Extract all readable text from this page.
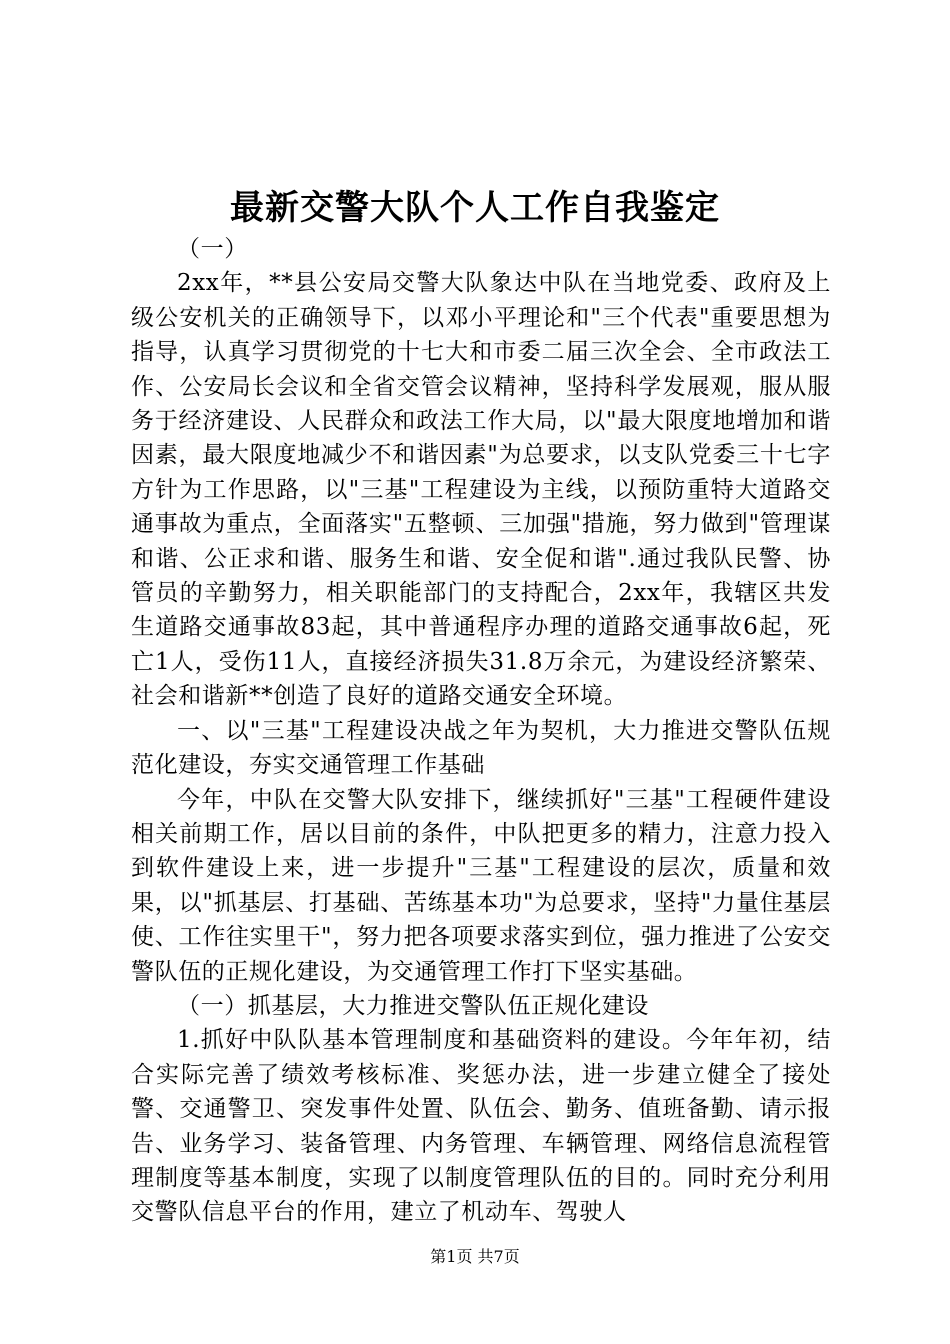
最新交警大队个人工作自我鉴定

（一）

2xx年，**县公安局交警大队象达中队在当地党委、政府及上级公安机关的正确领导下，以邓小平理论和"三个代表"重要思想为指导，认真学习贯彻党的十七大和市委二届三次全会、全市政法工作、公安局长会议和全省交管会议精神，坚持科学发展观，服从服务于经济建设、人民群众和政法工作大局，以"最大限度地增加和谐因素，最大限度地减少不和谐因素"为总要求，以支队党委三十七字方针为工作思路，以"三基"工程建设为主线，以预防重特大道路交通事故为重点，全面落实"五整顿、三加强"措施，努力做到"管理谋和谐、公正求和谐、服务生和谐、安全促和谐".通过我队民警、协管员的辛勤努力，相关职能部门的支持配合，2xx年，我辖区共发生道路交通事故83起，其中普通程序办理的道路交通事故6起，死亡1人，受伤11人，直接经济损失31.8万余元，为建设经济繁荣、社会和谐新**创造了良好的道路交通安全环境。

一、以"三基"工程建设决战之年为契机，大力推进交警队伍规范化建设，夯实交通管理工作基础

今年，中队在交警大队安排下，继续抓好"三基"工程硬件建设相关前期工作，居以目前的条件，中队把更多的精力，注意力投入到软件建设上来，进一步提升"三基"工程建设的层次，质量和效果，以"抓基层、打基础、苦练基本功"为总要求，坚持"力量住基层使、工作往实里干"，努力把各项要求落实到位，强力推进了公安交警队伍的正规化建设，为交通管理工作打下坚实基础。

（一）抓基层，大力推进交警队伍正规化建设

1.抓好中队队基本管理制度和基础资料的建设。今年年初，结合实际完善了绩效考核标准、奖惩办法，进一步建立健全了接处警、交通警卫、突发事件处置、队伍会、勤务、值班备勤、请示报告、业务学习、装备管理、内务管理、车辆管理、网络信息流程管理制度等基本制度，实现了以制度管理队伍的目的。同时充分利用交警队信息平台的作用，建立了机动车、驾驶人

第1页 共7页
